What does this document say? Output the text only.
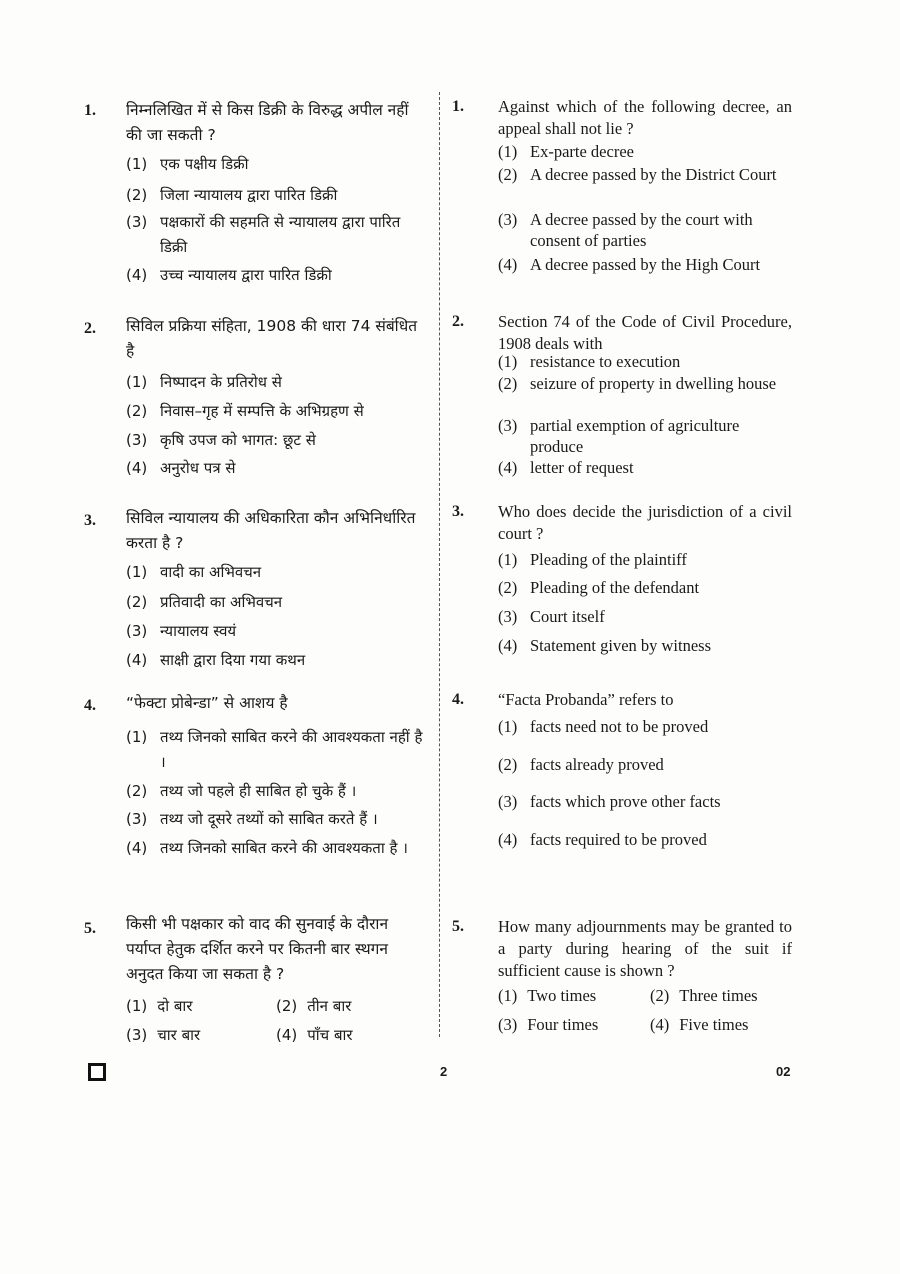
1. निम्नलिखित में से किस डिक्री के विरुद्ध अपील नहीं की जा सकती ?
(1) एक पक्षीय डिक्री
(2) जिला न्यायालय द्वारा पारित डिक्री
(3) पक्षकारों की सहमति से न्यायालय द्वारा पारित डिक्री
(4) उच्च न्यायालय द्वारा पारित डिक्री
2. सिविल प्रक्रिया संहिता, 1908 की धारा 74 संबंधित है
(1) निष्पादन के प्रतिरोध से
(2) निवास–गृह में सम्पत्ति के अभिग्रहण से
(3) कृषि उपज को भागत: छूट से
(4) अनुरोध पत्र से
3. सिविल न्यायालय की अधिकारिता कौन अभिनिर्धारित करता है ?
(1) वादी का अभिवचन
(2) प्रतिवादी का अभिवचन
(3) न्यायालय स्वयं
(4) साक्षी द्वारा दिया गया कथन
4. “फेक्टा प्रोबेन्डा” से आशय है
(1) तथ्य जिनको साबित करने की आवश्यकता नहीं है ।
(2) तथ्य जो पहले ही साबित हो चुके हैं ।
(3) तथ्य जो दूसरे तथ्यों को साबित करते हैं ।
(4) तथ्य जिनको साबित करने की आवश्यकता है ।
5. किसी भी पक्षकार को वाद की सुनवाई के दौरान पर्याप्त हेतुक दर्शित करने पर कितनी बार स्थगन अनुदत किया जा सकता है ?
(1) दो बार	(2) तीन बार
(3) चार बार	(4) पाँच बार
1. Against which of the following decree, an appeal shall not lie ?
(1) Ex-parte decree
(2) A decree passed by the District Court
(3) A decree passed by the court with consent of parties
(4) A decree passed by the High Court
2. Section 74 of the Code of Civil Procedure, 1908 deals with
(1) resistance to execution
(2) seizure of property in dwelling house
(3) partial exemption of agriculture produce
(4) letter of request
3. Who does decide the jurisdiction of a civil court ?
(1) Pleading of the plaintiff
(2) Pleading of the defendant
(3) Court itself
(4) Statement given by witness
4. “Facta Probanda” refers to
(1) facts need not to be proved
(2) facts already proved
(3) facts which prove other facts
(4) facts required to be proved
5. How many adjournments may be granted to a party during hearing of the suit if sufficient cause is shown ?
(1) Two times	(2) Three times
(3) Four times	(4) Five times
2	02
